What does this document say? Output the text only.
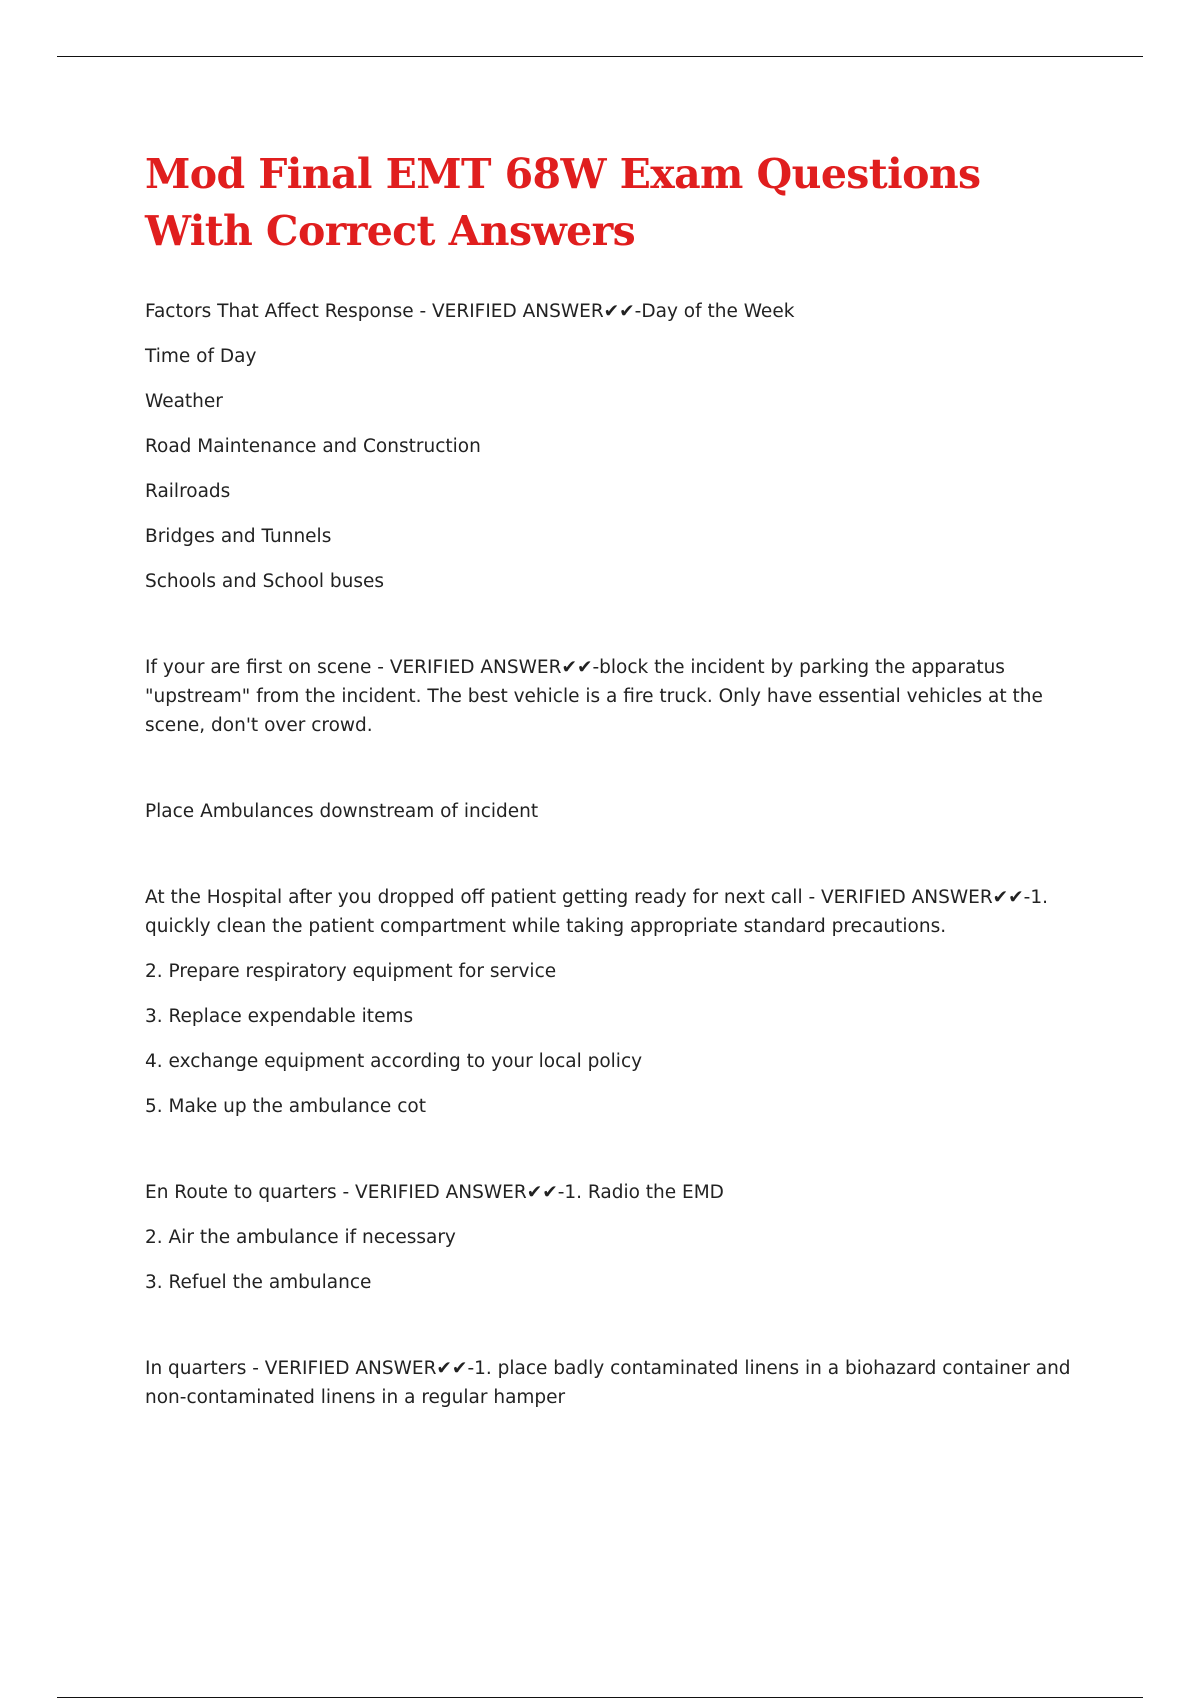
Mod Final EMT 68W Exam Questions With Correct Answers

Factors That Affect Response - VERIFIED ANSWER✔✔-Day of the Week

Time of Day

Weather

Road Maintenance and Construction

Railroads

Bridges and Tunnels

Schools and School buses

If your are first on scene - VERIFIED ANSWER✔✔-block the incident by parking the apparatus "upstream" from the incident. The best vehicle is a fire truck. Only have essential vehicles at the scene, don't over crowd.

Place Ambulances downstream of incident

At the Hospital after you dropped off patient getting ready for next call - VERIFIED ANSWER✔✔-1. quickly clean the patient compartment while taking appropriate standard precautions.

2. Prepare respiratory equipment for service

3. Replace expendable items

4. exchange equipment according to your local policy

5. Make up the ambulance cot

En Route to quarters - VERIFIED ANSWER✔✔-1. Radio the EMD

2. Air the ambulance if necessary

3. Refuel the ambulance

In quarters - VERIFIED ANSWER✔✔-1. place badly contaminated linens in a biohazard container and non-contaminated linens in a regular hamper
